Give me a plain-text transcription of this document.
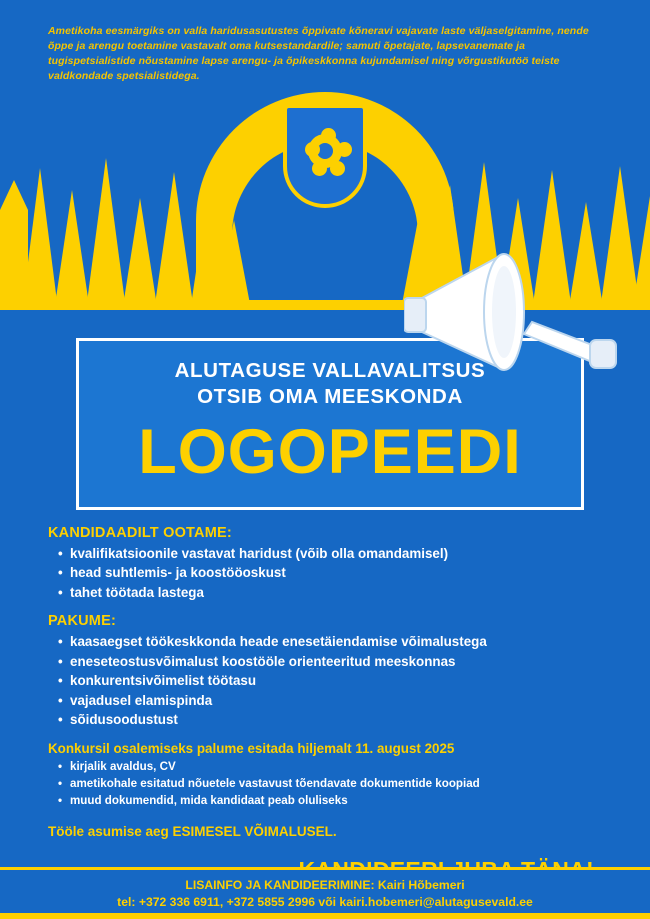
Ametikoha eesmärgiks on valla haridusasutustes õppivate kõneravi vajavate laste väljaselgitamine, nende õppe ja arengu toetamine vastavalt oma kutsestandardile; samuti õpetajate, lapsevanemate ja tugispetsialistide nõustamine lapse arengu- ja õpikeskkonna kujundamisel ning võrgustikutöö teiste valdkondade spetsialistidega.
ALUTAGUSE VALLAVALITSUS
OTSIB OMA MEESKONDA
LOGOPEEDI
KANDIDAADILT OOTAME:
• kvalifikatsioonile vastavat haridust (võib olla omandamisel)
• head suhtlemis- ja koostööoskust
• tahet töötada lastega
PAKUME:
• kaasaegset töökeskkonda heade enesetäiendamise võimalustega
• eneseteostusvõimalust koostööle orienteeritud meeskonnas
• konkurentsivõimelist töötasu
• vajadusel elamispinda
• sõidusoodustust
Konkursil osalemiseks palume esitada hiljemalt 11. august 2025
• kirjalik avaldus, CV
• ametikohale esitatud nõuetele vastavust tõendavate dokumentide koopiad
• muud dokumendid, mida kandidaat peab oluliseks
Tööle asumise aeg ESIMESEL VÕIMALUSEL.
LISAINFO JA KANDIDEERIMINE: Kairi Hõbemeri
tel: +372 336 6911, +372 5855 2996 või kairi.hobemeri@alutagusevald.ee
